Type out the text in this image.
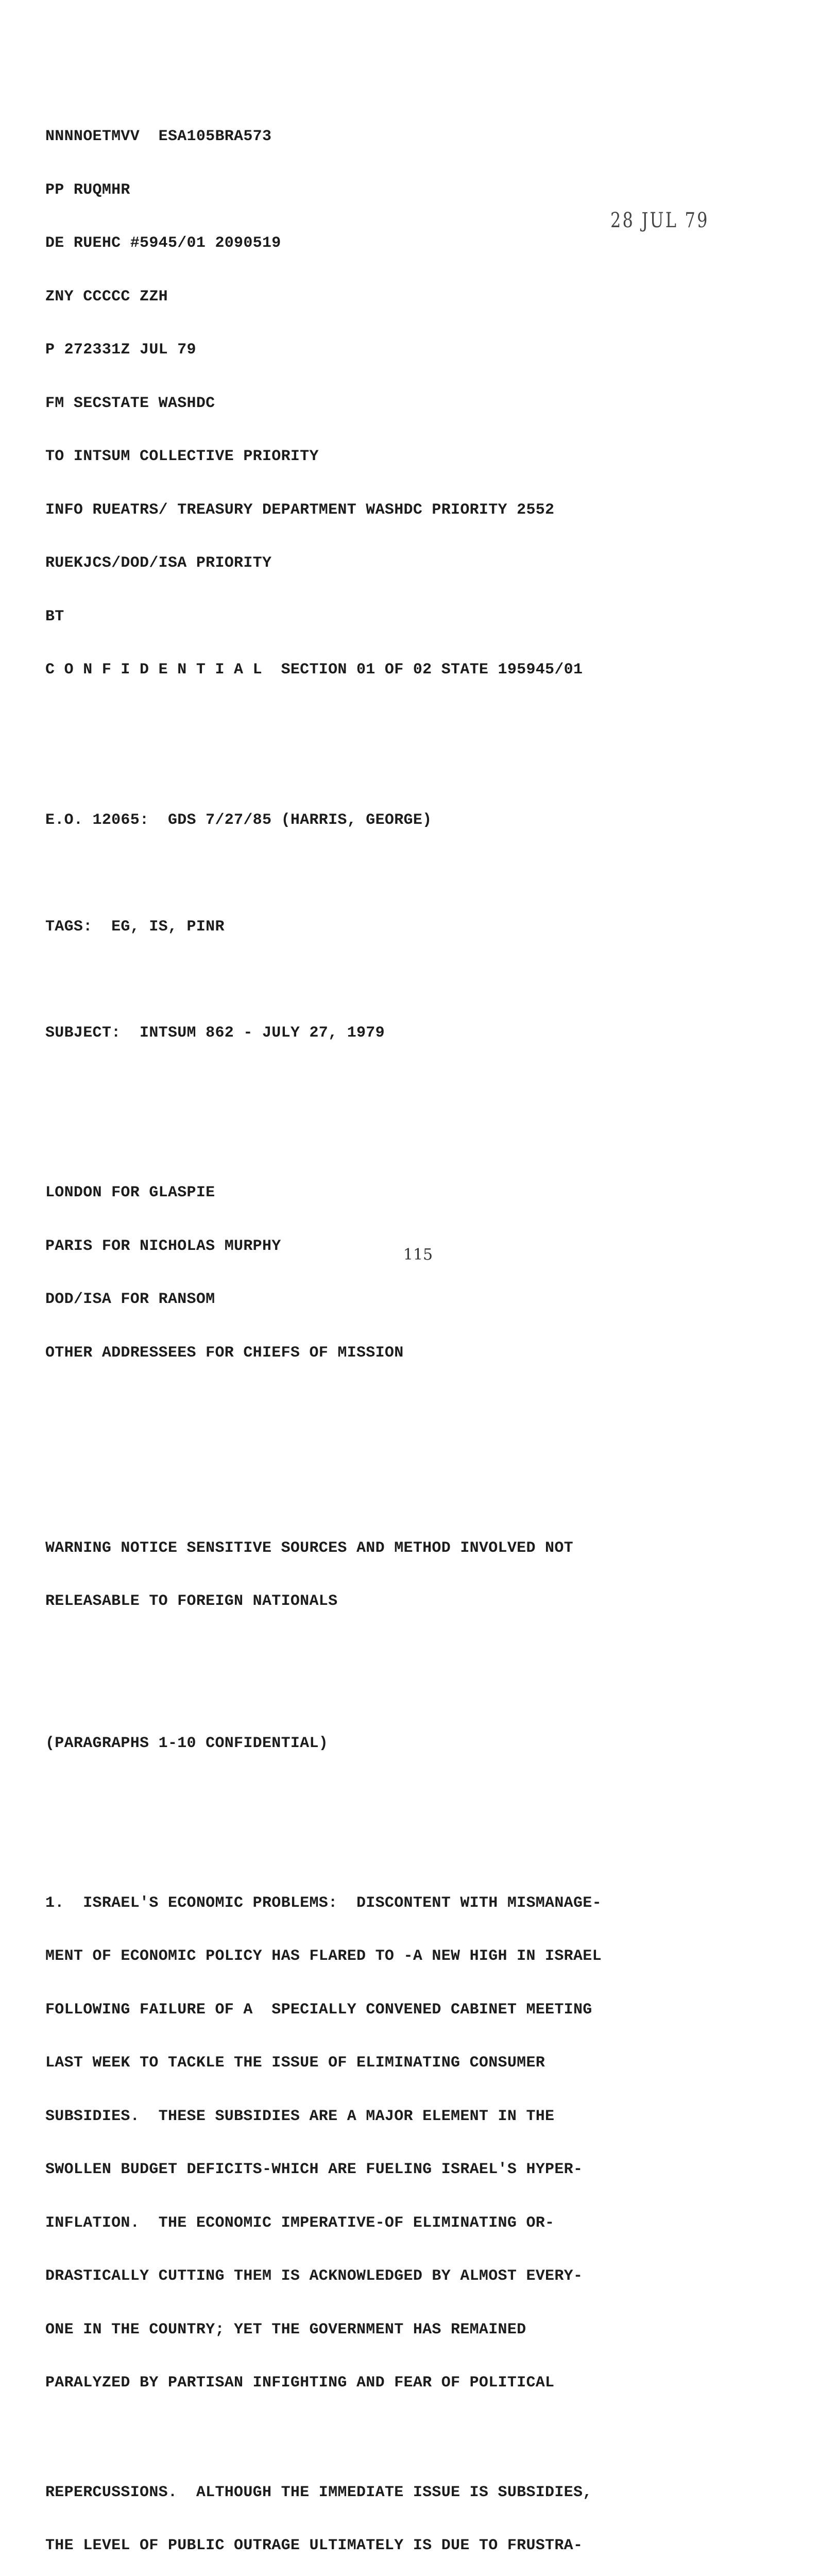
28 JUL 79

NNNNOETMVV  ESA105BRA573

PP RUQMHR

DE RUEHC #5945/01 2090519

ZNY CCCCC ZZH

P 272331Z JUL 79

FM SECSTATE WASHDC

TO INTSUM COLLECTIVE PRIORITY

INFO RUEATRS/ TREASURY DEPARTMENT WASHDC PRIORITY 2552

RUEKJCS/DOD/ISA PRIORITY

BT

C O N F I D E N T I A L  SECTION 01 OF 02 STATE 195945/01

E.O. 12065:  GDS 7/27/85 (HARRIS, GEORGE)

TAGS:  EG, IS, PINR

SUBJECT:  INTSUM 862 - JULY 27, 1979

LONDON FOR GLASPIE

PARIS FOR NICHOLAS MURPHY

DOD/ISA FOR RANSOM

OTHER ADDRESSEES FOR CHIEFS OF MISSION

WARNING NOTICE SENSITIVE SOURCES AND METHOD INVOLVED NOT

RELEASABLE TO FOREIGN NATIONALS

(PARAGRAPHS 1-10 CONFIDENTIAL)

1.  ISRAEL'S ECONOMIC PROBLEMS:  DISCONTENT WITH MISMANAGE-

MENT OF ECONOMIC POLICY HAS FLARED TO -A NEW HIGH IN ISRAEL

FOLLOWING FAILURE OF A  SPECIALLY CONVENED CABINET MEETING

LAST WEEK TO TACKLE THE ISSUE OF ELIMINATING CONSUMER

SUBSIDIES.  THESE SUBSIDIES ARE A MAJOR ELEMENT IN THE

SWOLLEN BUDGET DEFICITS-WHICH ARE FUELING ISRAEL'S HYPER-

INFLATION.  THE ECONOMIC IMPERATIVE-OF ELIMINATING OR-

DRASTICALLY CUTTING THEM IS ACKNOWLEDGED BY ALMOST EVERY-

ONE IN THE COUNTRY; YET THE GOVERNMENT HAS REMAINED

PARALYZED BY PARTISAN INFIGHTING AND FEAR OF POLITICAL

REPERCUSSIONS.  ALTHOUGH THE IMMEDIATE ISSUE IS SUBSIDIES,

THE LEVEL OF PUBLIC OUTRAGE ULTIMATELY IS DUE TO FRUSTRA-

115
